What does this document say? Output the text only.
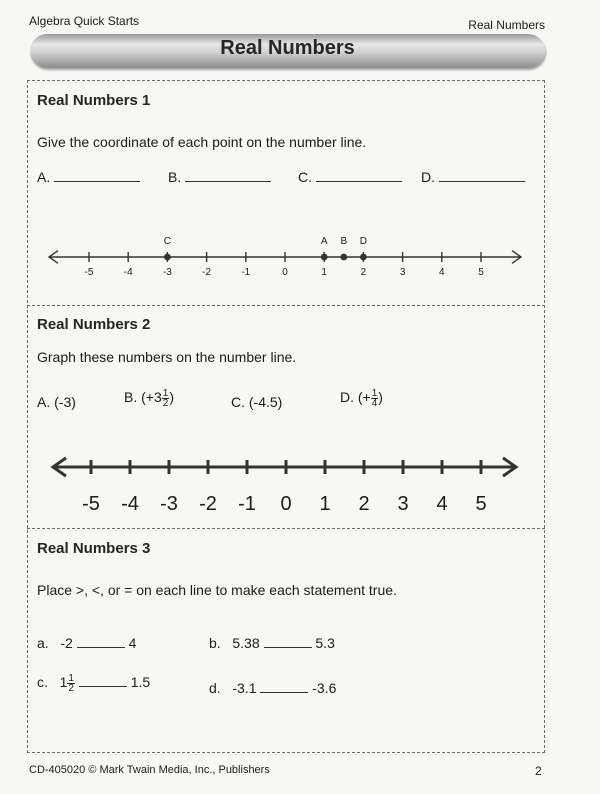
Algebra Quick Starts	Real Numbers
Real Numbers
Real Numbers 1
Give the coordinate of each point on the number line.
A.	B.	C.	D.
-5	-4	-3	-2	-1	0	1	2	3	4	5
C	A B D
Real Numbers 2
Graph these numbers on the number line.
A. (-3)	B. ($+3 \frac{1}{2}$ )	C. (-4.5)	D. (+ $\frac{1}{4}$ )
-5 -4 -3 -2 -1 0 1 2 3 4 5
Real Numbers 3
Place >, <, or = on each line to make each statement true.
a. -2	4	b. 5.38	5.3
c. $1 \frac{1}{2}$	1.5	d. -3.1	-3.6
CD-405020 © Mark Twain Media, Inc., Publishers	2
